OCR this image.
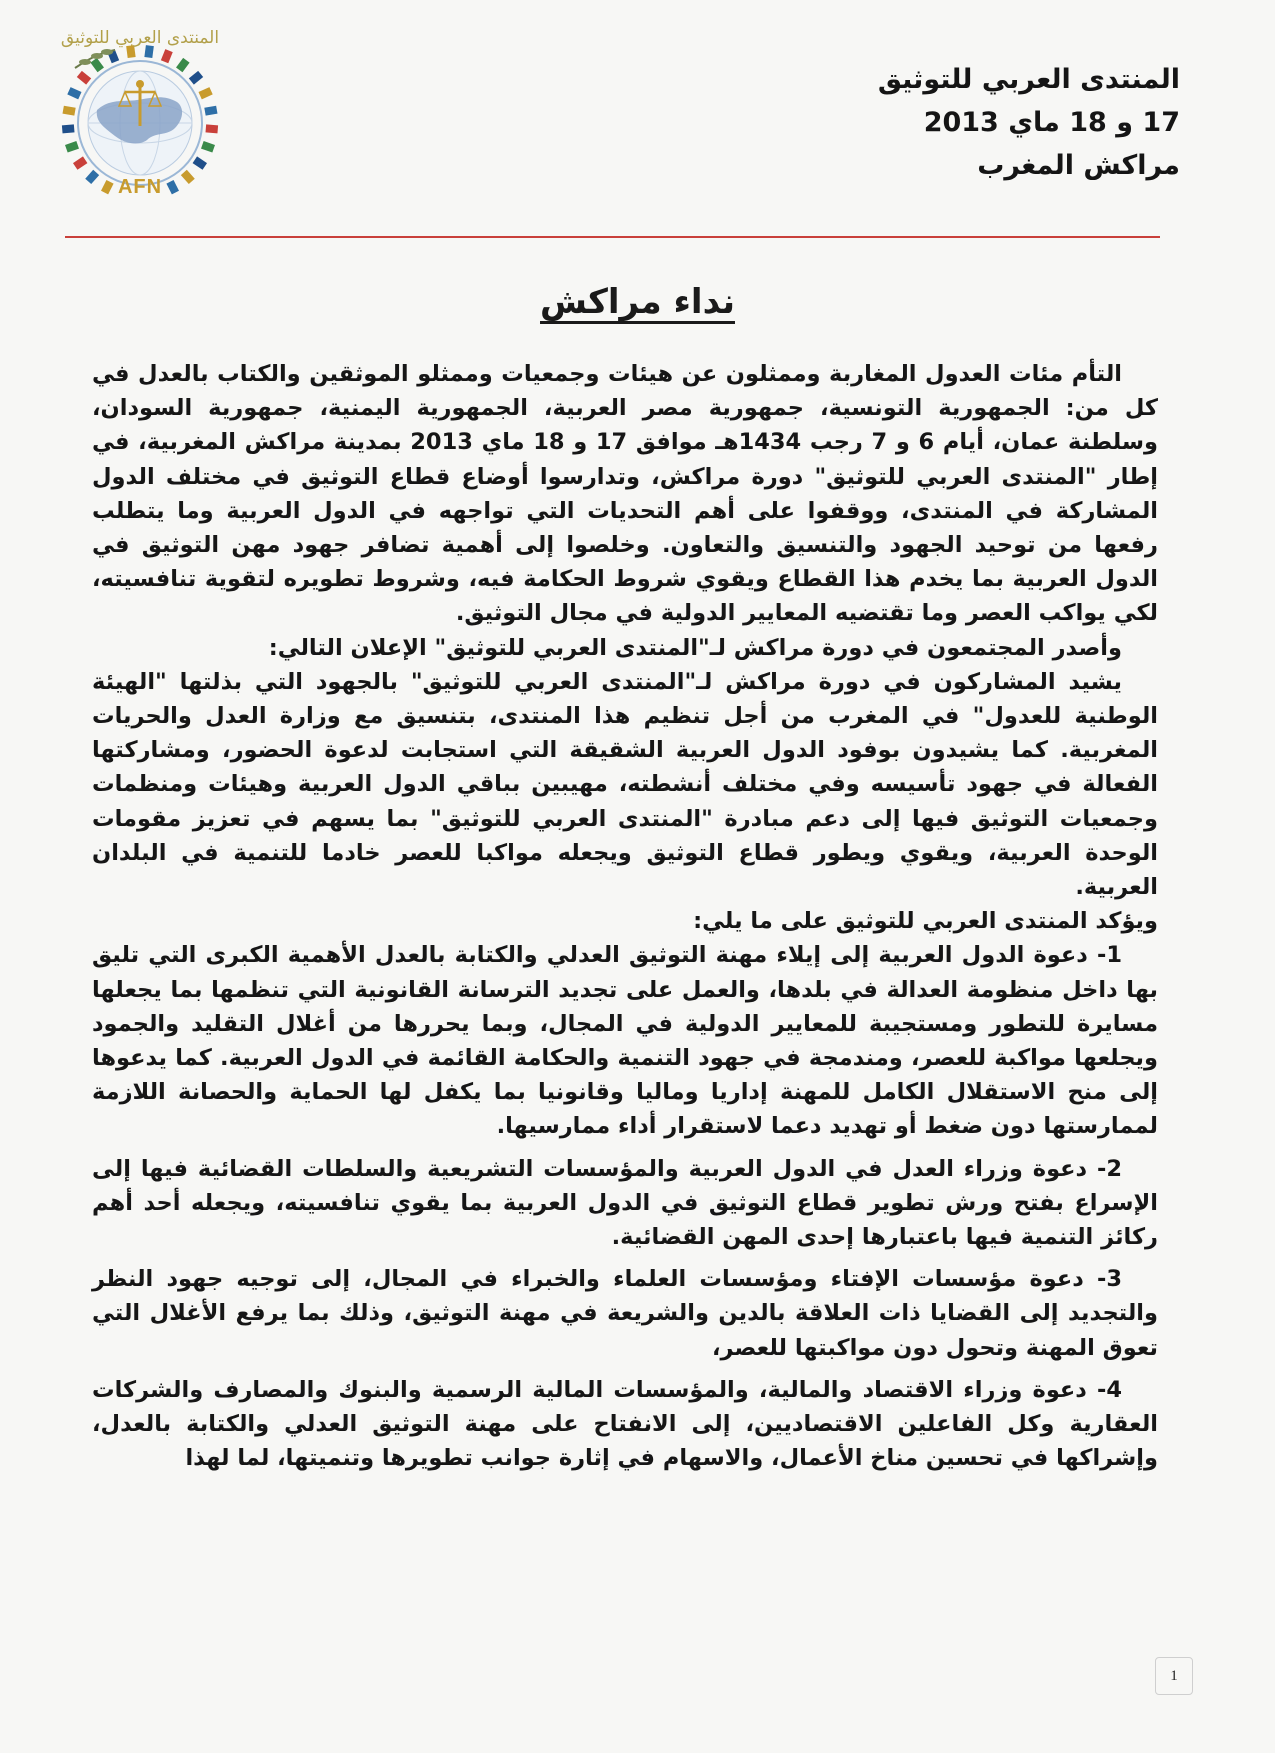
AFN
المنتدى العربي للتوثيق
المنتدى العربي للتوثيق
17 و 18 ماي 2013
مراكش المغرب
نداء مراكش

التأم مئات العدول المغاربة وممثلون عن هيئات وجمعيات وممثلو الموثقين والكتاب بالعدل في كل من: الجمهورية التونسية، جمهورية مصر العربية، الجمهورية اليمنية، جمهورية السودان، وسلطنة عمان، أيام 6 و 7 رجب 1434هـ موافق 17 و 18 ماي 2013 بمدينة مراكش المغربية، في إطار "المنتدى العربي للتوثيق" دورة مراكش، وتدارسوا أوضاع قطاع التوثيق في مختلف الدول المشاركة في المنتدى، ووقفوا على أهم التحديات التي تواجهه في الدول العربية وما يتطلب رفعها من توحيد الجهود والتنسيق والتعاون. وخلصوا إلى أهمية تضافر جهود مهن التوثيق في الدول العربية بما يخدم هذا القطاع ويقوي شروط الحكامة فيه، وشروط تطويره لتقوية تنافسيته، لكي يواكب العصر وما تقتضيه المعايير الدولية في مجال التوثيق.

وأصدر المجتمعون في دورة مراكش لـ"المنتدى العربي للتوثيق" الإعلان التالي:

يشيد المشاركون في دورة مراكش لـ"المنتدى العربي للتوثيق" بالجهود التي بذلتها "الهيئة الوطنية للعدول" في المغرب من أجل تنظيم هذا المنتدى، بتنسيق مع وزارة العدل والحريات المغربية. كما يشيدون بوفود الدول العربية الشقيقة التي استجابت لدعوة الحضور، ومشاركتها الفعالة في جهود تأسيسه وفي مختلف أنشطته، مهيبين بباقي الدول العربية وهيئات ومنظمات وجمعيات التوثيق فيها إلى دعم مبادرة "المنتدى العربي للتوثيق" بما يسهم في تعزيز مقومات الوحدة العربية، ويقوي ويطور قطاع التوثيق ويجعله مواكبا للعصر خادما للتنمية في البلدان العربية.

ويؤكد المنتدى العربي للتوثيق على ما يلي:

1- دعوة الدول العربية إلى إيلاء مهنة التوثيق العدلي والكتابة بالعدل الأهمية الكبرى التي تليق بها داخل منظومة العدالة في بلدها، والعمل على تجديد الترسانة القانونية التي تنظمها بما يجعلها مسايرة للتطور ومستجيبة للمعايير الدولية في المجال، وبما يحررها من أغلال التقليد والجمود ويجلعها مواكبة للعصر، ومندمجة في جهود التنمية والحكامة القائمة في الدول العربية. كما يدعوها إلى منح الاستقلال الكامل للمهنة إداريا وماليا وقانونيا بما يكفل لها الحماية والحصانة اللازمة لممارستها دون ضغط أو تهديد دعما لاستقرار أداء ممارسيها.

2- دعوة وزراء العدل في الدول العربية والمؤسسات التشريعية والسلطات القضائية فيها إلى الإسراع بفتح ورش تطوير قطاع التوثيق في الدول العربية بما يقوي تنافسيته، ويجعله أحد أهم ركائز التنمية فيها باعتبارها إحدى المهن القضائية.

3- دعوة مؤسسات الإفتاء ومؤسسات العلماء والخبراء في المجال، إلى توجيه جهود النظر والتجديد إلى القضايا ذات العلاقة بالدين والشريعة في مهنة التوثيق، وذلك بما يرفع الأغلال التي تعوق المهنة وتحول دون مواكبتها للعصر،

4- دعوة وزراء الاقتصاد والمالية، والمؤسسات المالية الرسمية والبنوك والمصارف والشركات العقارية وكل الفاعلين الاقتصاديين، إلى الانفتاح على مهنة التوثيق العدلي والكتابة بالعدل، وإشراكها في تحسين مناخ الأعمال، والاسهام في إثارة جوانب تطويرها وتنميتها، لما لهذا

1
